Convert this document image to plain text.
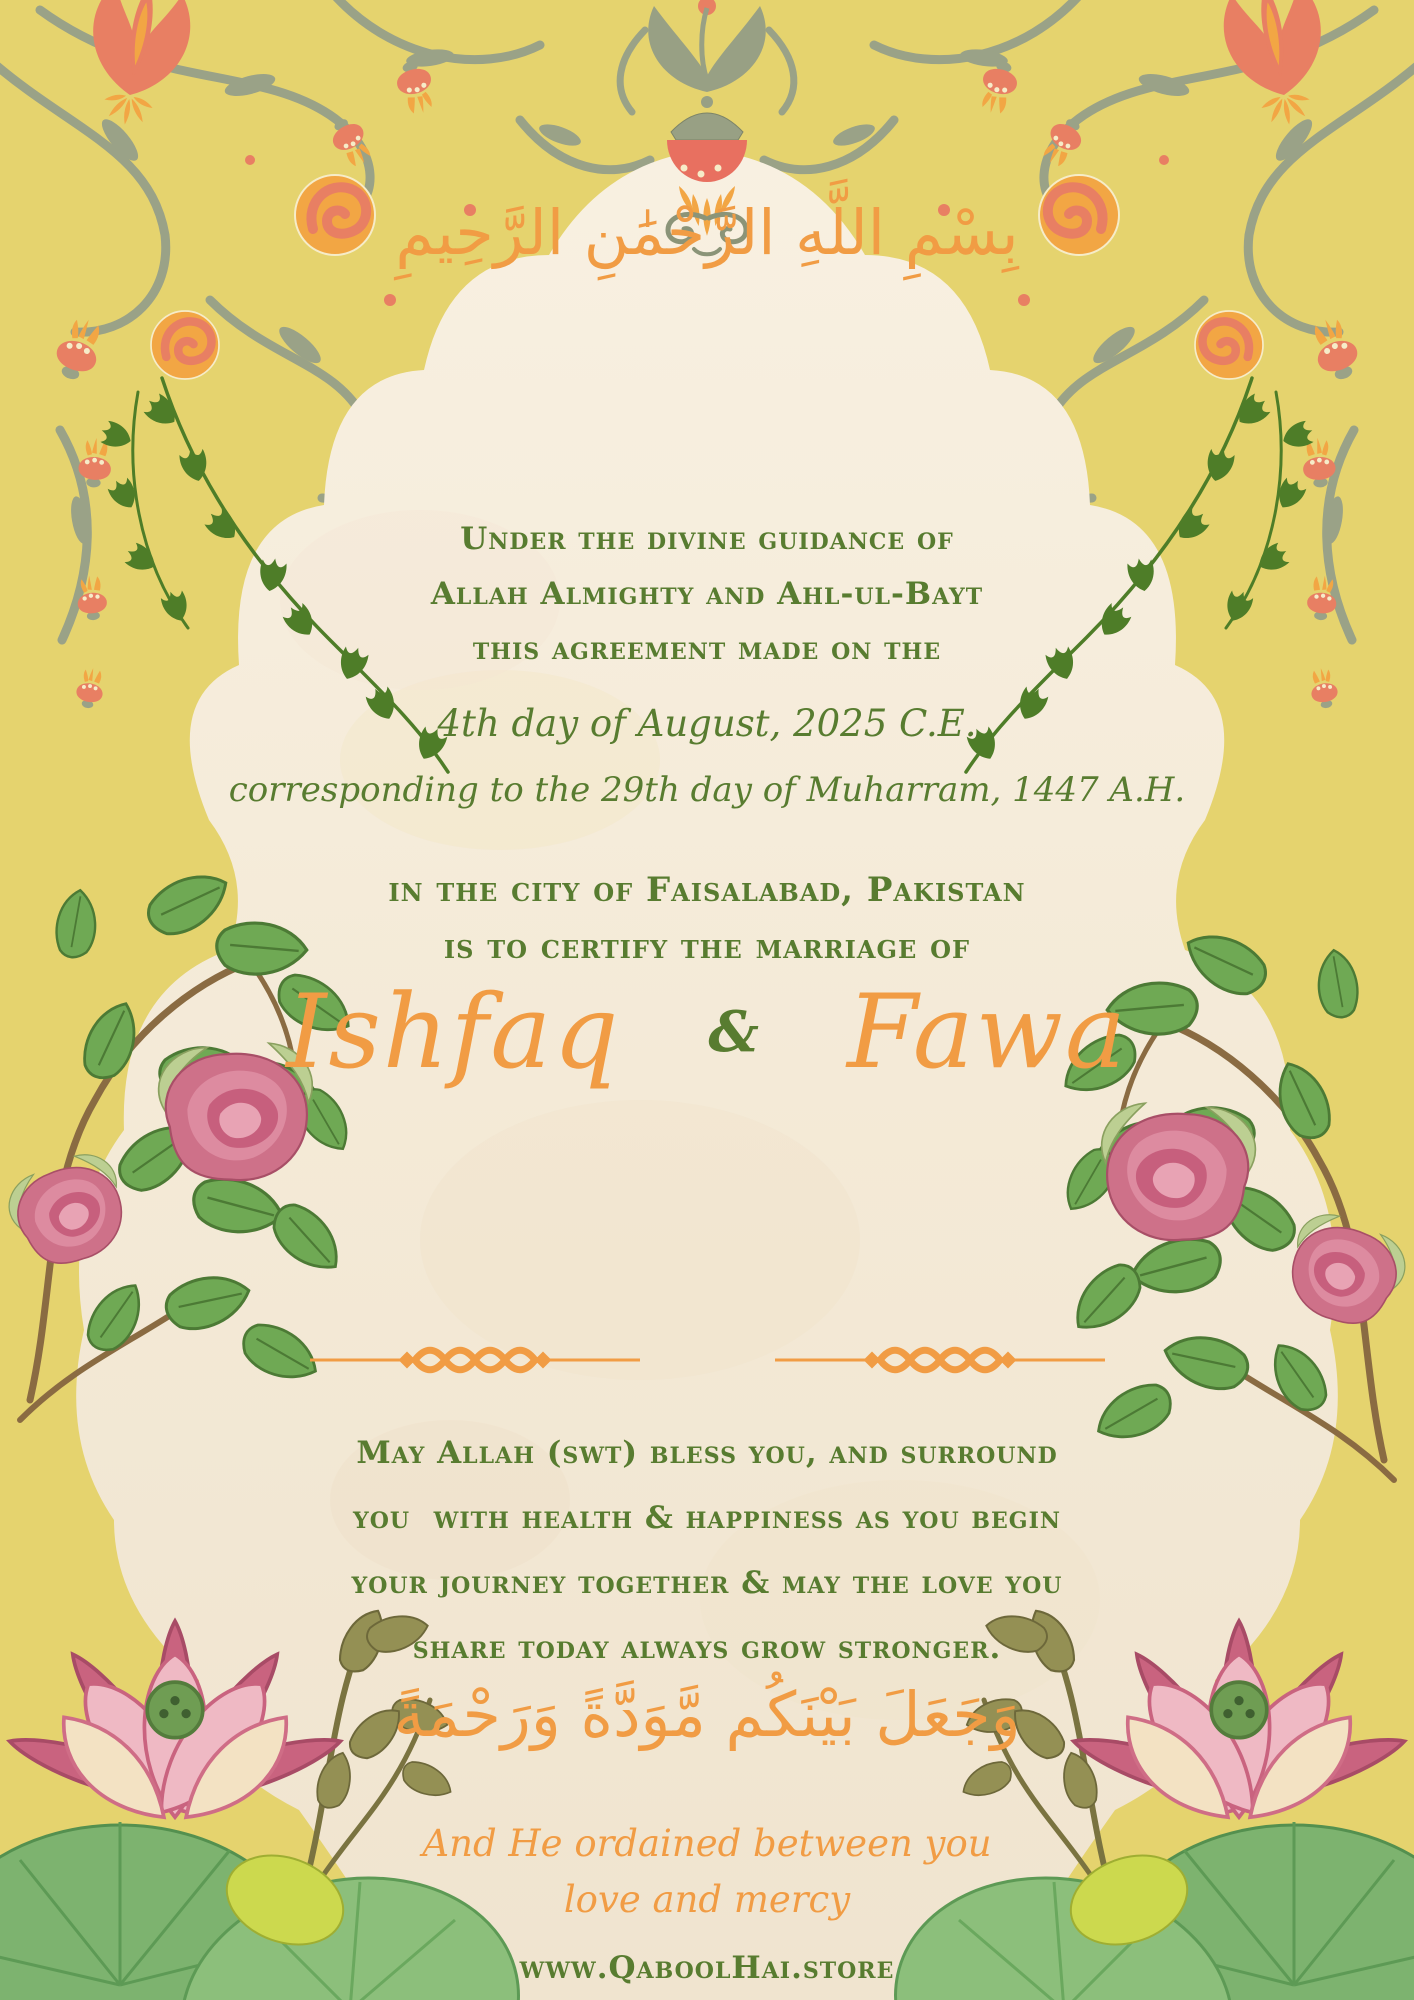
بِسْمِ اللَّهِ الرَّحْمَٰنِ الرَّحِيمِ
Under the divine guidance of
Allah Almighty and Ahl-ul-Bayt
this agreement made on the
4th day of August, 2025 C.E.
corresponding to the 29th day of Muharram, 1447 A.H.
in the city of Faisalabad, Pakistan
is to certify the marriage of
Ishfaq & Fawa
May Allah (swt) bless you, and surround
you  with health & happiness as you begin
your journey together & may the love you
share today always grow stronger.
وَجَعَلَ بَيْنَكُم مَّوَدَّةً وَرَحْمَةً
And He ordained between you
love and mercy
www.QaboolHai.store
